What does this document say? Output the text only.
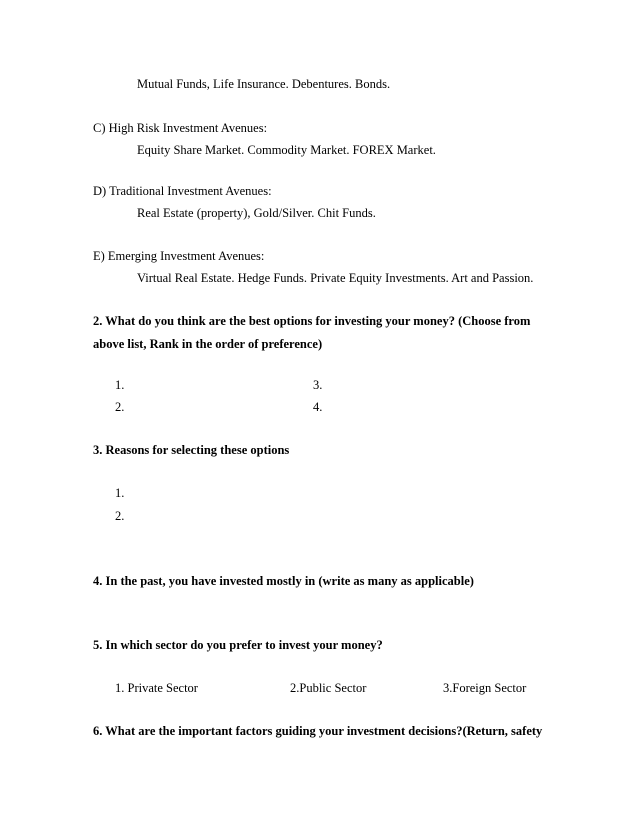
Mutual Funds, Life Insurance. Debentures. Bonds.
C) High Risk Investment Avenues:
Equity Share Market. Commodity Market. FOREX Market.
D) Traditional Investment Avenues:
Real Estate (property), Gold/Silver. Chit Funds.
E) Emerging Investment Avenues:
Virtual Real Estate. Hedge Funds. Private Equity Investments. Art and Passion.
2. What do you think are the best options for investing your money? (Choose from
above list, Rank in the order of preference)
1.	3.
2.	4.
3. Reasons for selecting these options
1.
2.
4. In the past, you have invested mostly in (write as many as applicable)
5. In which sector do you prefer to invest your money?
1. Private Sector	2.Public Sector	3.Foreign Sector
6. What are the important factors guiding your investment decisions?(Return, safety
